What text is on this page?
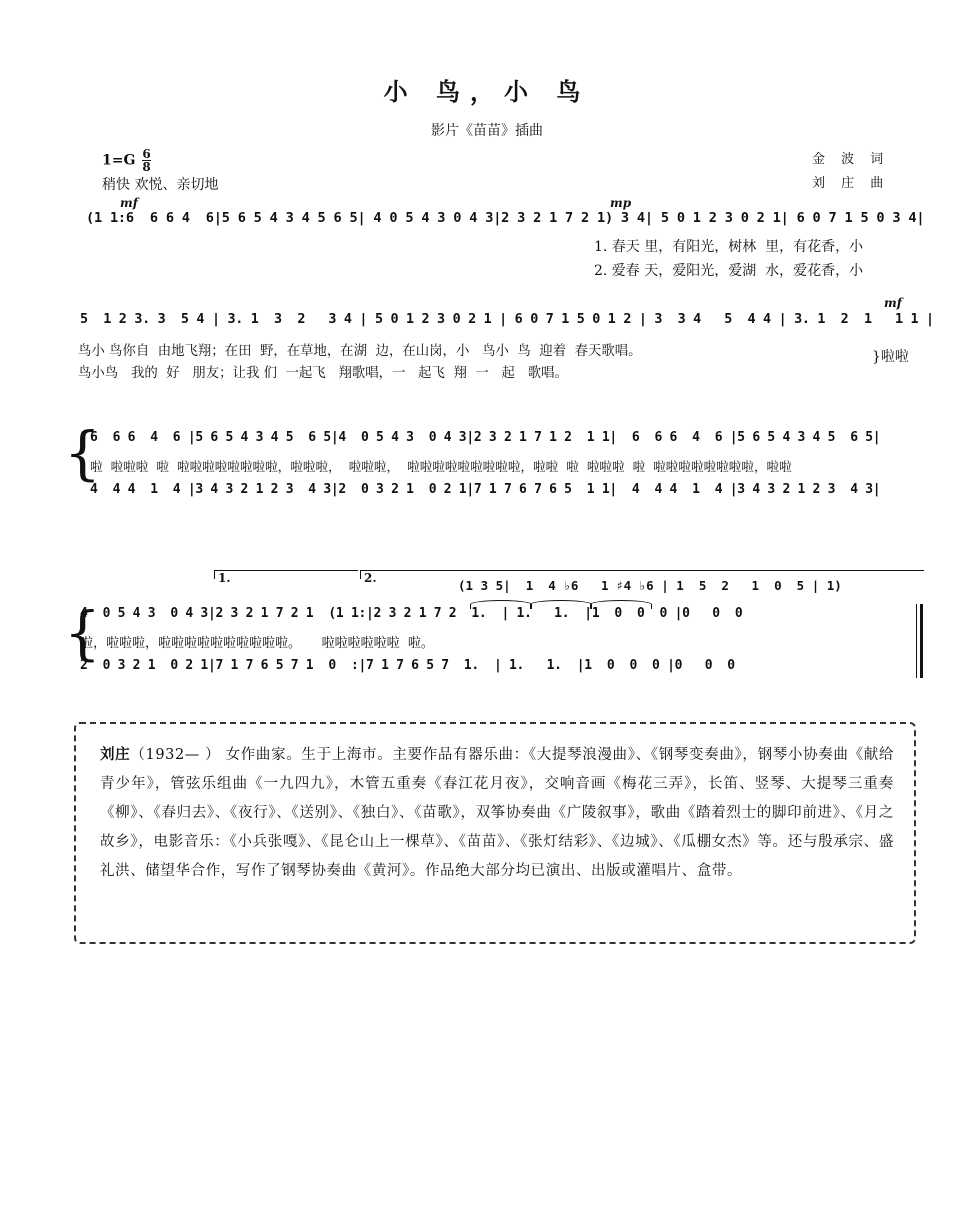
小 鸟，小 鸟
影片《苗苗》插曲
$1=G \frac{6}{8}$
稍快 欢悦、亲切地
金 波 词
刘 庄 曲
mf	mp
(1 1:6  6 6 4  6|5 6 5 4 3 4 5 6 5| 4 0 5 4 3 0 4 3|2 3 2 1 7 2 1) 3 4| 5 0 1 2 3 0 2 1| 6 0 7 1 5 0 3 4|
1. 春天 里，有阳光，树林  里，有花香，小
2. 爱春 天，爱阳光，爱湖  水，爱花香，小
mf
5  1 2 3. 3  5 4 | 3. 1  3  2   3 4 | 5 0 1 2 3 0 2 1 | 6 0 7 1 5 0 1 2 | 3  3 4   5  4 4 | 3. 1  2  1   1 1 |
鸟小 鸟你自  由地飞翔；在田  野，在草地，在湖  边，在山岗，小   鸟小  鸟  迎着  春天歌唱。
鸟小鸟   我的  好   朋友；让我 们  一起飞   翔歌唱，一   起飞  翔  一   起   歌唱。
}啦啦
{
6  6 6  4  6 |5 6 5 4 3 4 5  6 5|4  0 5 4 3  0 4 3|2 3 2 1 7 1 2  1 1|  6  6 6  4  6 |5 6 5 4 3 4 5  6 5|
啦  啦啦啦  啦  啦啦啦啦啦啦啦啦，啦啦啦，  啦啦啦，  啦啦啦啦啦啦啦啦啦，啦啦  啦  啦啦啦  啦  啦啦啦啦啦啦啦啦，啦啦
4  4 4  1  4 |3 4 3 2 1 2 3  4 3|2  0 3 2 1  0 2 1|7 1 7 6 7 6 5  1 1|  4  4 4  1  4 |3 4 3 2 1 2 3  4 3|
1.	2.	(1 3 5|  1  4 ♭6   1 ♯4 ♭6 | 1  5  2   1  0  5 | 1)
{
4  0 5 4 3  0 4 3|2 3 2 1 7 2 1  (1 1:|2 3 2 1 7 2  1.  | 1.   1.  |1  0  0  0 |0   0  0
啦，啦啦啦，啦啦啦啦啦啦啦啦啦啦。     啦啦啦啦啦啦  啦。
2  0 3 2 1  0 2 1|7 1 7 6 5 7 1  0  :|7 1 7 6 5 7  1.  | 1.   1.  |1  0  0  0 |0   0  0
刘庄（1932— ） 女作曲家。生于上海市。主要作品有器乐曲：《大提琴浪漫曲》、《钢琴变奏曲》，钢琴小协奏曲《献给青少年》，管弦乐组曲《一九四九》，木管五重奏《春江花月夜》，交响音画《梅花三弄》，长笛、竖琴、大提琴三重奏《柳》、《春归去》、《夜行》、《送别》、《独白》、《苗歌》，双筝协奏曲《广陵叙事》，歌曲《踏着烈士的脚印前进》、《月之故乡》，电影音乐：《小兵张嘎》、《昆仑山上一棵草》、《苗苗》、《张灯结彩》、《边城》、《瓜棚女杰》等。还与殷承宗、盛礼洪、储望华合作，写作了钢琴协奏曲《黄河》。作品绝大部分均已演出、出版或灌唱片、盒带。
